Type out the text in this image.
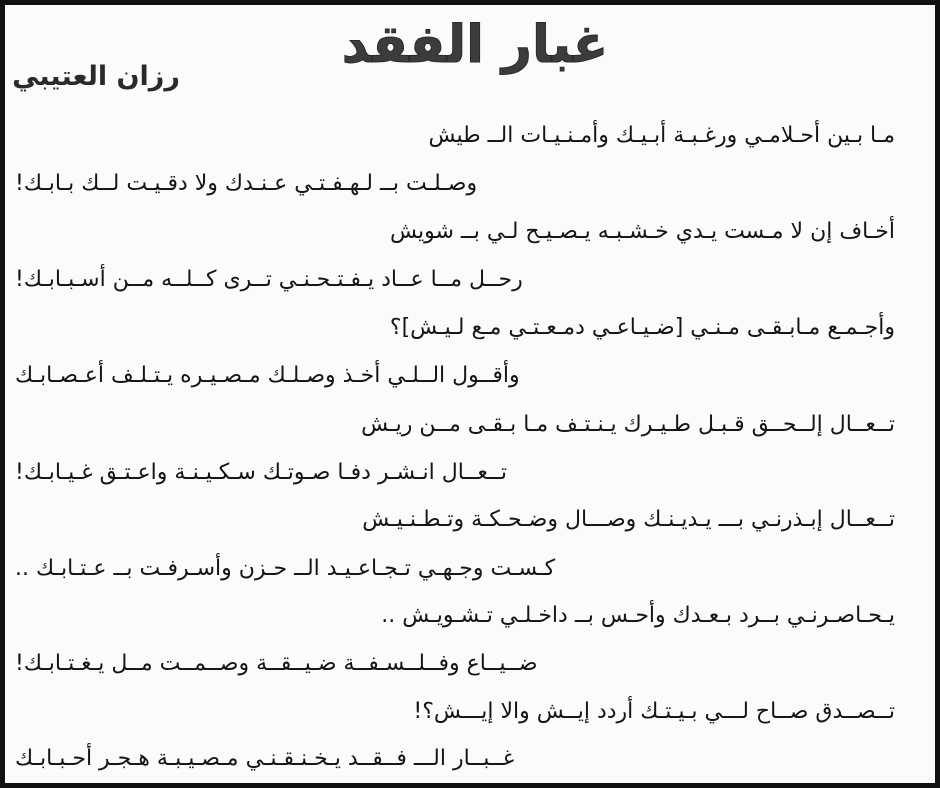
غبار الفقد
رزان العتيبي
مـا بـين أحـلامـي ورغـبـة أبـيـك وأمـنـيـات الــ طيش
وصـلـت بــ لـهـفـتـي عـنـدك ولا دقـيـت لــك بـابـك!
أخـاف إن لا مـست يـدي خـشـبـه يـصـيـح لـي بــ شويش
رحــل مــا عــاد يـفـتـحـنـي تــرى كــلــه مــن أسـبـابـك!
وأجـمـع مـابـقـى مـنـي [ضـيـاعـي دمـعـتـي مـع لـيـش]؟
وأقــول الــلـي أخـذ وصـلـك مـصـيـره يـتـلـف أعـصـابـك
تــعــال إلــحــق قـبـل طـيـرك يـنـتـف مـا بـقـى مــن ريـش
تــعــال انـشـر دفـا صـوتـك سـكـيـنـة واعـتـق غـيـابـك!
تــعــال إبـذرنـي بـــ يـديـنـك وصـــال وضـحـكـة وتـطـنـيـش
كـسـت وجـهـي تـجـاعـيـد الــ حـزن وأسـرفـت بــ عـتـابـك ..
يـحـاصـرنـي بــرد بـعـدك وأحـس بــ داخـلـي تـشـويـش ..
ضــيــاع وفــلــسـفــة ضـيــقــة وصــمــت مــل يـغـتـابـك!
تــصــدق صــاح لـــي بـيـتـك أردد إيــش والا إيـــش؟!
غــبــار الـــ فــقــد يـخـنـقـنـي مـصـيـبـة هـجـر أحـبـابـك
